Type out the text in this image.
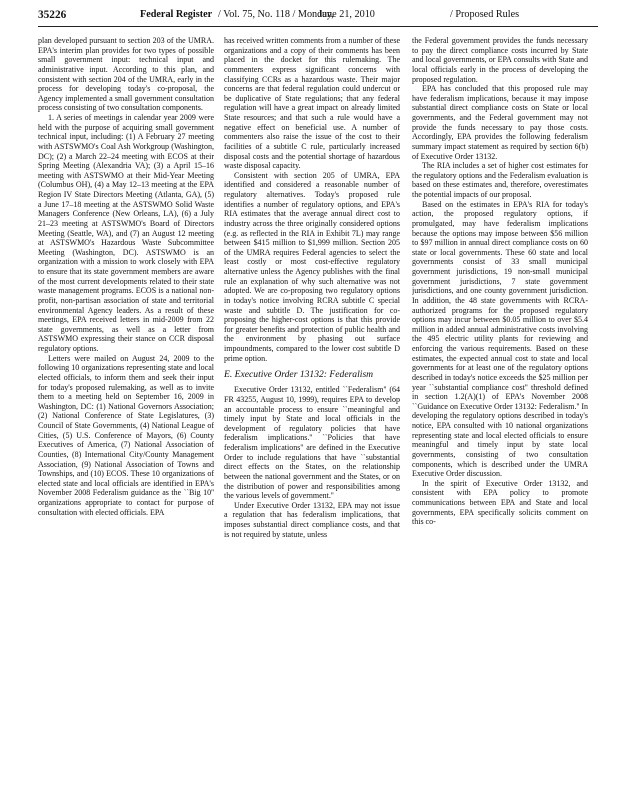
35226	Federal Register / Vol. 75, No. 118 / Monday,
June 21, 2010	/ Proposed Rules

plan developed pursuant to section 203 of the UMRA. EPA's interim plan provides for two types of possible small government input: technical input and administrative input. According to this plan, and consistent with section 204 of the UMRA, early in the process for developing today's co-proposal, the Agency implemented a small government consultation process consisting of two consultation components.

1. A series of meetings in calendar year 2009 were held with the purpose of acquiring small government technical input, including: (1) A February 27 meeting with ASTSWMO's Coal Ash Workgroup (Washington, DC); (2) a March 22–24 meeting with ECOS at their Spring Meeting (Alexandria VA); (3) a April 15–16 meeting with ASTSWMO at their Mid-Year Meeting (Columbus OH), (4) a May 12–13 meeting at the EPA Region IV State Directors Meeting (Atlanta, GA), (5) a June 17–18 meeting at the ASTSWMO Solid Waste Managers Conference (New Orleans, LA), (6) a July 21–23 meeting at ASTSWMO's Board of Directors Meeting (Seattle, WA), and (7) an August 12 meeting at ASTSWMO's Hazardous Waste Subcommittee Meeting (Washington, DC). ASTSWMO is an organization with a mission to work closely with EPA to ensure that its state government members are aware of the most current developments related to their state waste management programs. ECOS is a national non-profit, non-partisan association of state and territorial environmental Agency leaders. As a result of these meetings, EPA received letters in mid-2009 from 22 state governments, as well as a letter from ASTSWMO expressing their stance on CCR disposal regulatory options.

Letters were mailed on August 24, 2009 to the following 10 organizations representing state and local elected officials, to inform them and seek their input for today's proposed rulemaking, as well as to invite them to a meeting held on September 16, 2009 in Washington, DC: (1) National Governors Association; (2) National Conference of State Legislatures, (3) Council of State Governments, (4) National League of Cities, (5) U.S. Conference of Mayors, (6) County Executives of America, (7) National Association of Counties, (8) International City/County Management Association, (9) National Association of Towns and Townships, and (10) ECOS. These 10 organizations of elected state and local officials are identified in EPA's November 2008 Federalism guidance as the ``Big 10'' organizations appropriate to contact for purpose of consultation with elected officials. EPA

has received written comments from a number of these organizations and a copy of their comments has been placed in the docket for this rulemaking. The commenters express significant concerns with classifying CCRs as a hazardous waste. Their major concerns are that federal regulation could undercut or be duplicative of State regulations; that any federal regulation will have a great impact on already limited State resources; and that such a rule would have a negative effect on beneficial use. A number of commenters also raise the issue of the cost to their facilities of a subtitle C rule, particularly increased disposal costs and the potential shortage of hazardous waste disposal capacity.

Consistent with section 205 of UMRA, EPA identified and considered a reasonable number of regulatory alternatives. Today's proposed rule identifies a number of regulatory options, and EPA's RIA estimates that the average annual direct cost to industry across the three originally considered options (e.g. as reflected in the RIA in Exhibit 7L) may range between $415 million to $1,999 million. Section 205 of the UMRA requires Federal agencies to select the least costly or most cost-effective regulatory alternative unless the Agency publishes with the final rule an explanation of why such alternative was not adopted. We are co-proposing two regulatory options in today's notice involving RCRA subtitle C special waste and subtitle D. The justification for co-proposing the higher-cost options is that this provide for greater benefits and protection of public health and the environment by phasing out surface impoundments, compared to the lower cost subtitle D prime option.

E. Executive Order 13132: Federalism

Executive Order 13132, entitled ``Federalism'' (64 FR 43255, August 10, 1999), requires EPA to develop an accountable process to ensure ``meaningful and timely input by State and local officials in the development of regulatory policies that have federalism implications.'' ``Policies that have federalism implications'' are defined in the Executive Order to include regulations that have ``substantial direct effects on the States, on the relationship between the national government and the States, or on the distribution of power and responsibilities among the various levels of government.''

Under Executive Order 13132, EPA may not issue a regulation that has federalism implications, that imposes substantial direct compliance costs, and that is not required by statute, unless

the Federal government provides the funds necessary to pay the direct compliance costs incurred by State and local governments, or EPA consults with State and local officials early in the process of developing the proposed regulation.

EPA has concluded that this proposed rule may have federalism implications, because it may impose substantial direct compliance costs on State or local governments, and the Federal government may not provide the funds necessary to pay those costs. Accordingly, EPA provides the following federalism summary impact statement as required by section 6(b) of Executive Order 13132.

The RIA includes a set of higher cost estimates for the regulatory options and the Federalism evaluation is based on these estimates and, therefore, overestimates the potential impacts of our proposal.

Based on the estimates in EPA's RIA for today's action, the proposed regulatory options, if promulgated, may have federalism implications because the options may impose between $56 million to $97 million in annual direct compliance costs on 60 state or local governments. These 60 state and local governments consist of 33 small municipal government jurisdictions, 19 non-small municipal government jurisdictions, 7 state government jurisdictions, and one county government jurisdiction. In addition, the 48 state governments with RCRA-authorized programs for the proposed regulatory options may incur between $0.05 million to over $5.4 million in added annual administrative costs involving the 495 electric utility plants for reviewing and enforcing the various requirements. Based on these estimates, the expected annual cost to state and local governments for at least one of the regulatory options described in today's notice exceeds the $25 million per year ``substantial compliance cost'' threshold defined in section 1.2(A)(1) of EPA's November 2008 ``Guidance on Executive Order 13132: Federalism.'' In developing the regulatory options described in today's notice, EPA consulted with 10 national organizations representing state and local elected officials to ensure meaningful and timely input by state local governments, consisting of two consultation components, which is described under the UMRA Executive Order discussion.

In the spirit of Executive Order 13132, and consistent with EPA policy to promote communications between EPA and State and local governments, EPA specifically solicits comment on this co-
